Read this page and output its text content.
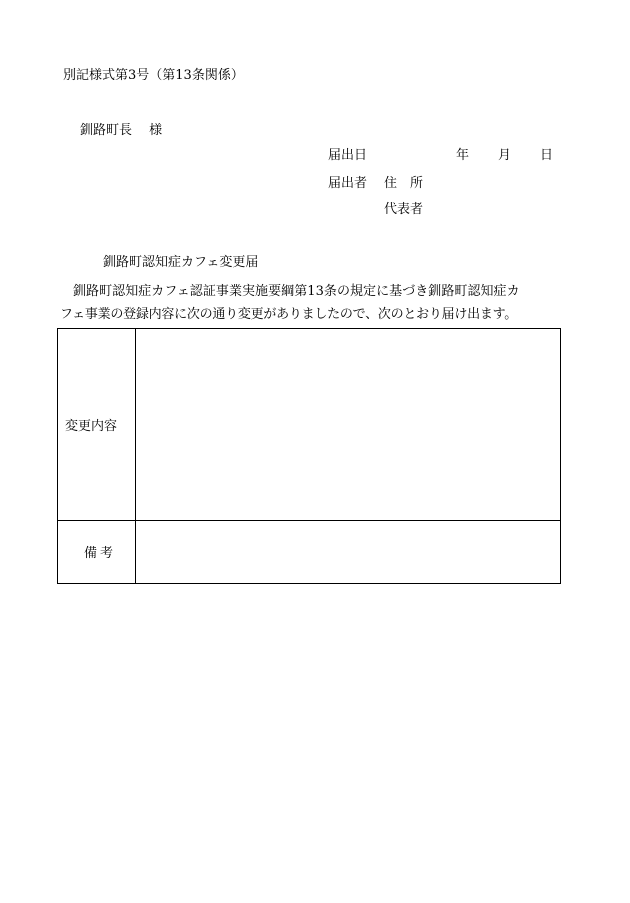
別記様式第3号（第13条関係）
釧路町長　 様
届出日	年 月 日
届出者 住　所
代表者
釧路町認知症カフェ変更届
釧路町認知症カフェ認証事業実施要綱第13条の規定に基づき釧路町認知症カ
フェ事業の登録内容に次の通り変更がありましたので、次のとおり届け出ます。
変更内容	

備考	
